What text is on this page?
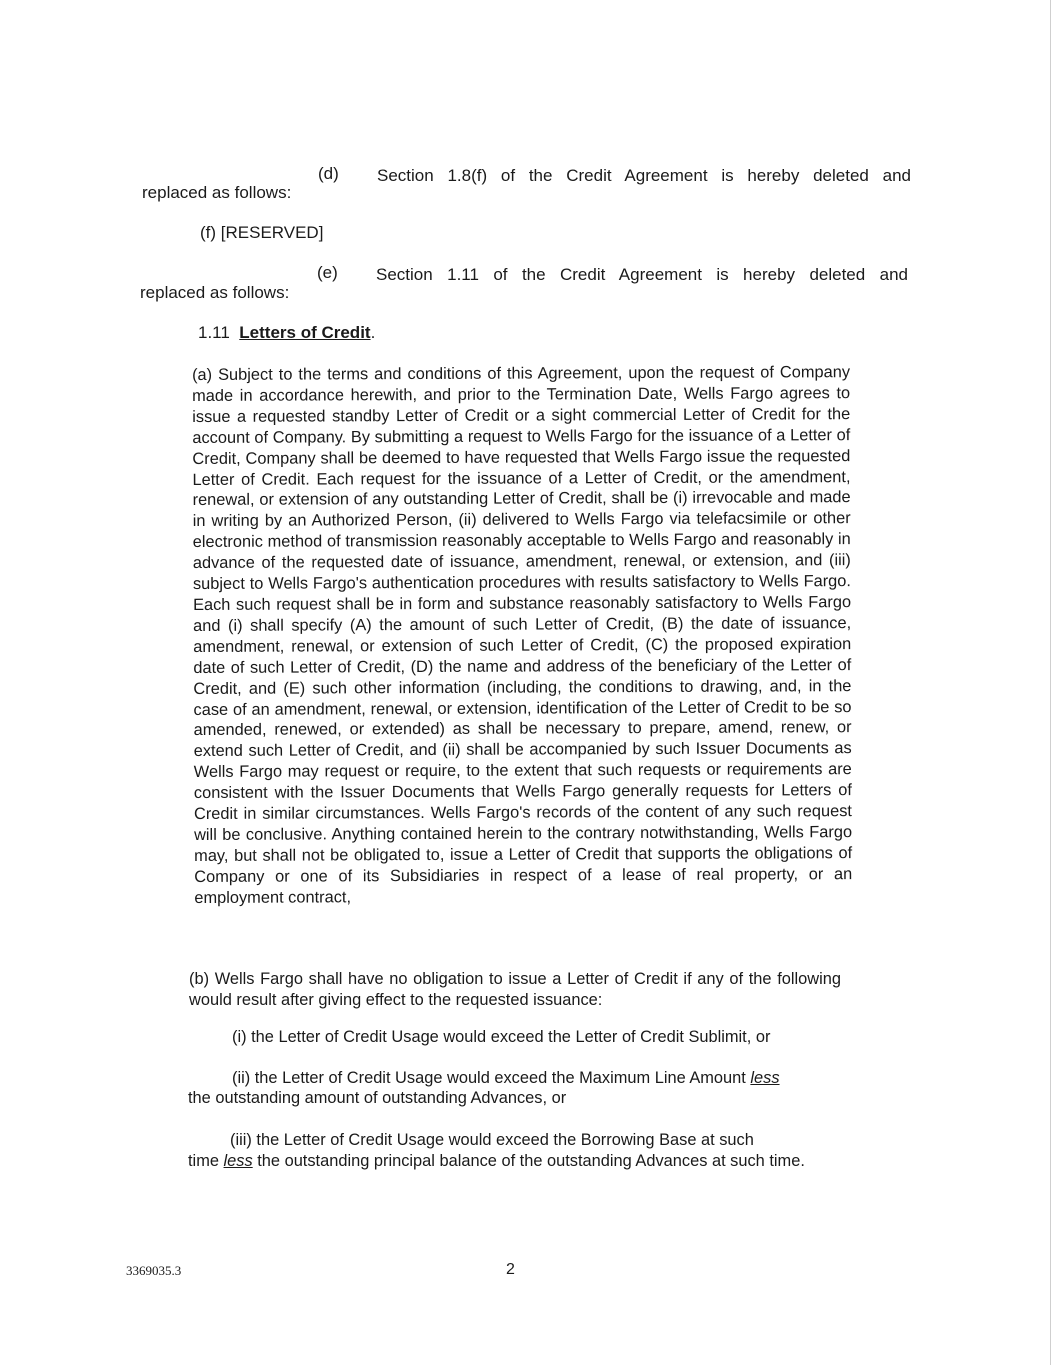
(d) Section 1.8(f) of the Credit Agreement is hereby deleted and
replaced as follows:
(f) [RESERVED]
(e) Section 1.11 of the Credit Agreement is hereby deleted and
replaced as follows:
1.11 Letters of Credit.
(a) Subject to the terms and conditions of this Agreement, upon the request of Company made in accordance herewith, and prior to the Termination Date, Wells Fargo agrees to issue a requested standby Letter of Credit or a sight commercial Letter of Credit for the account of Company. By submitting a request to Wells Fargo for the issuance of a Letter of Credit, Company shall be deemed to have requested that Wells Fargo issue the requested Letter of Credit. Each request for the issuance of a Letter of Credit, or the amendment, renewal, or extension of any outstanding Letter of Credit, shall be (i) irrevocable and made in writing by an Authorized Person, (ii) delivered to Wells Fargo via telefacsimile or other electronic method of transmission reasonably acceptable to Wells Fargo and reasonably in advance of the requested date of issuance, amendment, renewal, or extension, and (iii) subject to Wells Fargo's authentication procedures with results satisfactory to Wells Fargo. Each such request shall be in form and substance reasonably satisfactory to Wells Fargo and (i) shall specify (A) the amount of such Letter of Credit, (B) the date of issuance, amendment, renewal, or extension of such Letter of Credit, (C) the proposed expiration date of such Letter of Credit, (D) the name and address of the beneficiary of the Letter of Credit, and (E) such other information (including, the conditions to drawing, and, in the case of an amendment, renewal, or extension, identification of the Letter of Credit to be so amended, renewed, or extended) as shall be necessary to prepare, amend, renew, or extend such Letter of Credit, and (ii) shall be accompanied by such Issuer Documents as Wells Fargo may request or require, to the extent that such requests or requirements are consistent with the Issuer Documents that Wells Fargo generally requests for Letters of Credit in similar circumstances. Wells Fargo's records of the content of any such request will be conclusive. Anything contained herein to the contrary notwithstanding, Wells Fargo may, but shall not be obligated to, issue a Letter of Credit that supports the obligations of Company or one of its Subsidiaries in respect of a lease of real property, or an employment contract,
(b) Wells Fargo shall have no obligation to issue a Letter of Credit if any of the following would result after giving effect to the requested issuance:
(i) the Letter of Credit Usage would exceed the Letter of Credit Sublimit, or
(ii) the Letter of Credit Usage would exceed the Maximum Line Amount less
the outstanding amount of outstanding Advances, or
(iii) the Letter of Credit Usage would exceed the Borrowing Base at such
time less the outstanding principal balance of the outstanding Advances at such time.
3369035.3	2
